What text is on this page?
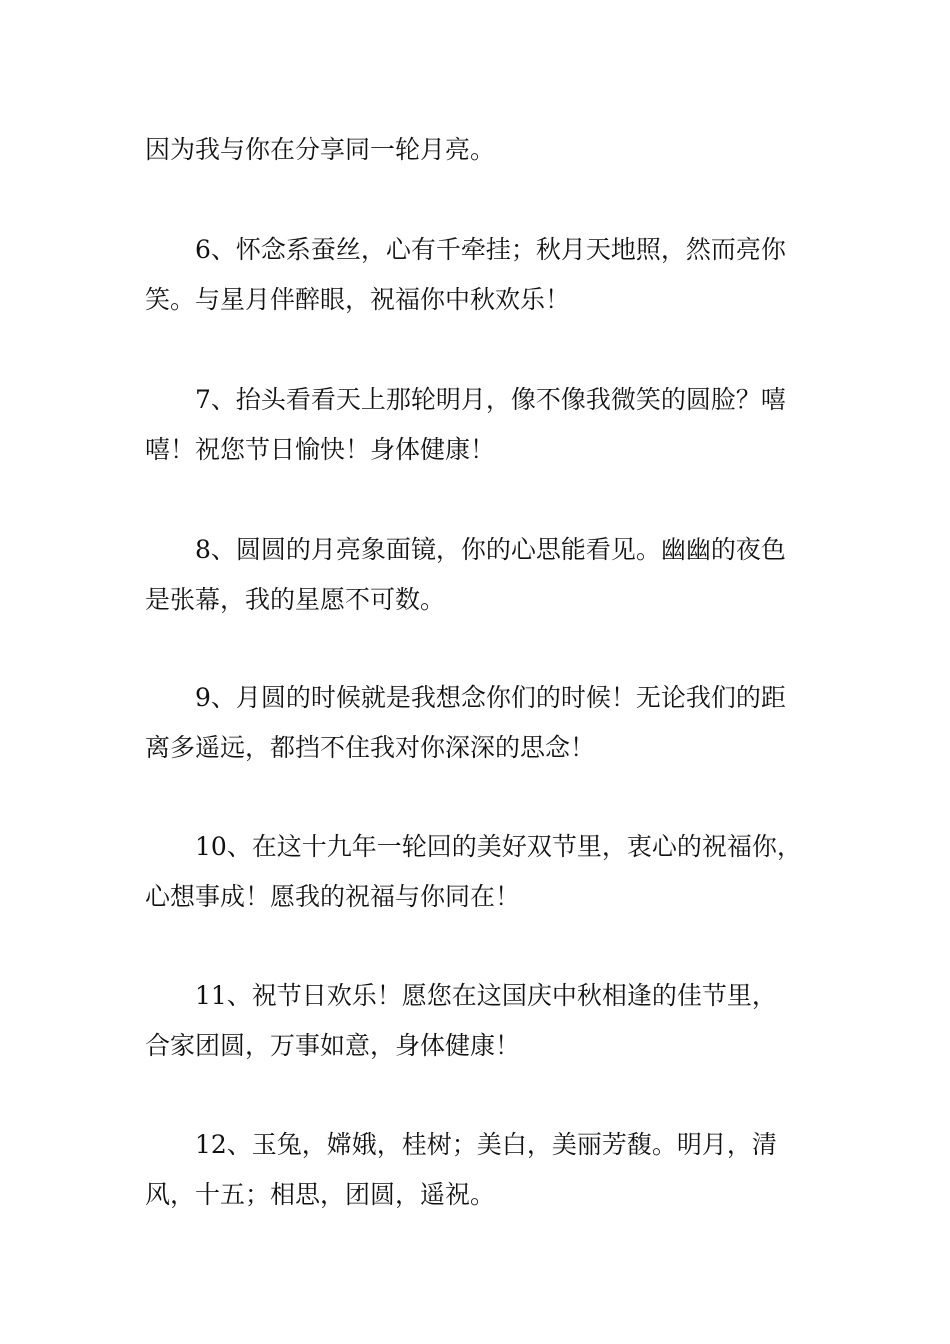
因为我与你在分享同一轮月亮。

6、怀念系蚕丝，心有千牵挂；秋月天地照，然而亮你
笑。与星月伴醉眼，祝福你中秋欢乐！

7、抬头看看天上那轮明月，像不像我微笑的圆脸？嘻
嘻！祝您节日愉快！身体健康！

8、圆圆的月亮象面镜，你的心思能看见。幽幽的夜色
是张幕，我的星愿不可数。

9、月圆的时候就是我想念你们的时候！无论我们的距
离多遥远，都挡不住我对你深深的思念！

10、在这十九年一轮回的美好双节里，衷心的祝福你，
心想事成！愿我的祝福与你同在！

11、祝节日欢乐！愿您在这国庆中秋相逢的佳节里，
合家团圆，万事如意，身体健康！

12、玉兔，嫦娥，桂树；美白，美丽芳馥。明月，清
风，十五；相思，团圆，遥祝。
